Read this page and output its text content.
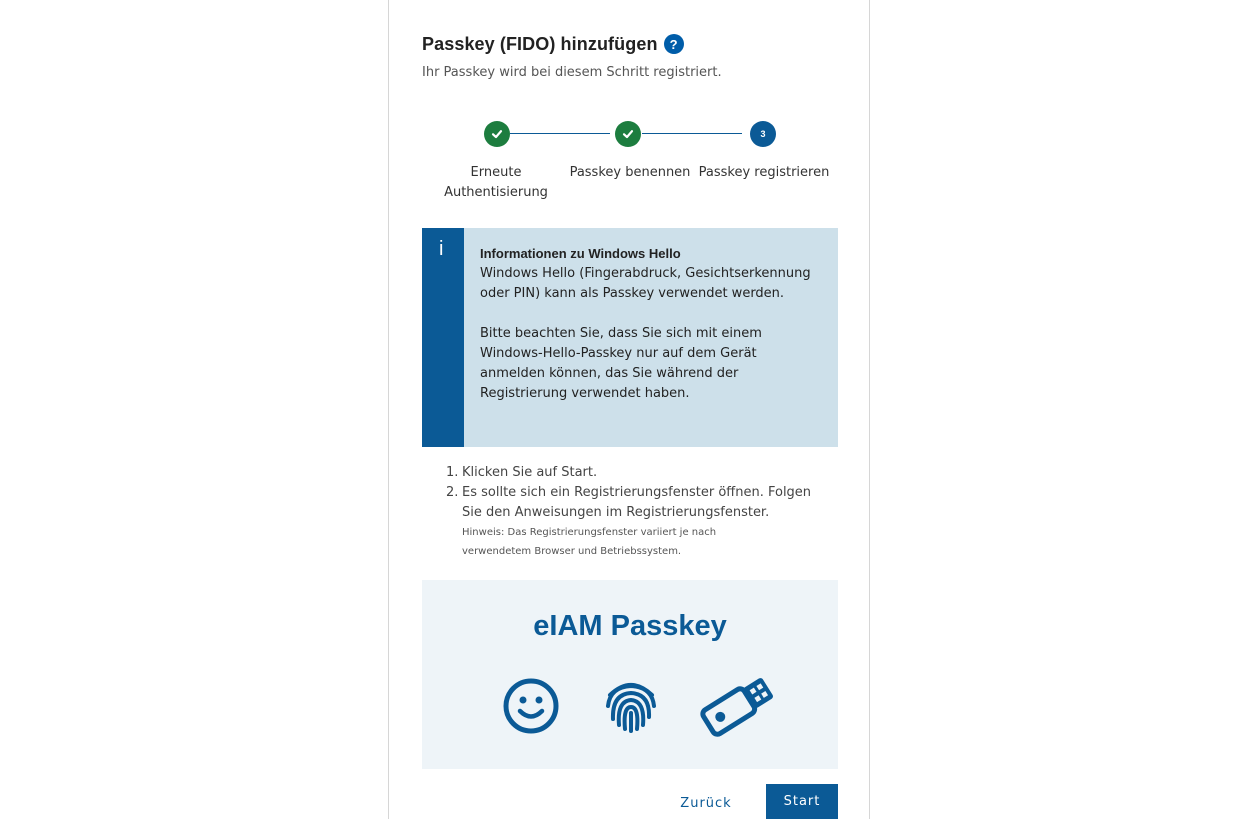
Passkey (FIDO) hinzufügen ?
Ihr Passkey wird bei diesem Schritt registriert.
3
Erneute
Authentisierung
Passkey benennen Passkey registrieren
i	Informationen zu Windows Hello
Windows Hello (Fingerabdruck, Gesichtserkennung oder PIN) kann als Passkey verwendet werden.
Bitte beachten Sie, dass Sie sich mit einem Windows-Hello-Passkey nur auf dem Gerät anmelden können, das Sie während der Registrierung verwendet haben.
1. Klicken Sie auf Start.
2. Es sollte sich ein Registrierungsfenster öffnen. Folgen
Sie den Anweisungen im Registrierungsfenster.
Hinweis: Das Registrierungsfenster variiert je nach
verwendetem Browser und Betriebssystem.
eIAM Passkey
Zurück	Start
